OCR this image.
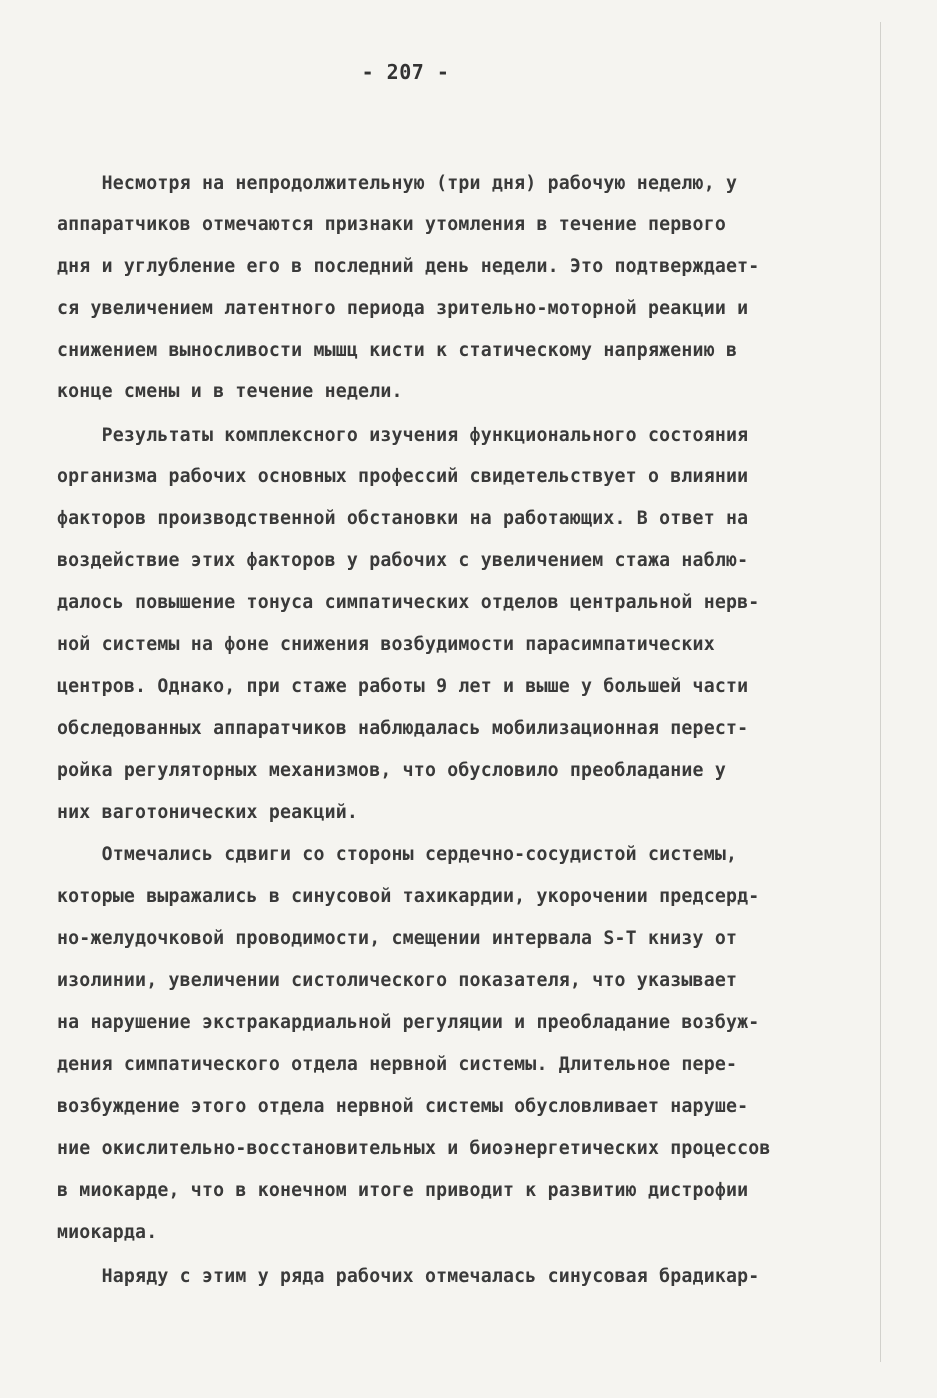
- 207 -
Несмотря на непродолжительную (три дня) рабочую неделю, у
аппаратчиков отмечаются признаки утомления в течение первого
дня и углубление его в последний день недели. Это подтверждает-
ся увеличением латентного периода зрительно-моторной реакции и
снижением выносливости мышц кисти к статическому напряжению в
конце смены и в течение недели.
Результаты комплексного изучения функционального состояния
организма рабочих основных профессий свидетельствует о влиянии
факторов производственной обстановки на работающих. В ответ на
воздействие этих факторов у рабочих с увеличением стажа наблю-
далось повышение тонуса симпатических отделов центральной нерв-
ной системы на фоне снижения возбудимости парасимпатических
центров. Однако, при стаже работы 9 лет и выше у большей части
обследованных аппаратчиков наблюдалась мобилизационная перест-
ройка регуляторных механизмов, что обусловило преобладание у
них ваготонических реакций.
Отмечались сдвиги со стороны сердечно-сосудистой системы,
которые выражались в синусовой тахикардии, укорочении предсерд-
но-желудочковой проводимости, смещении интервала S-T книзу от
изолинии, увеличении систолического показателя, что указывает
на нарушение экстракардиальной регуляции и преобладание возбуж-
дения симпатического отдела нервной системы. Длительное пере-
возбуждение этого отдела нервной системы обусловливает наруше-
ние окислительно-восстановительных и биоэнергетических процессов
в миокарде, что в конечном итоге приводит к развитию дистрофии
миокарда.
Наряду с этим у ряда рабочих отмечалась синусовая брадикар-
